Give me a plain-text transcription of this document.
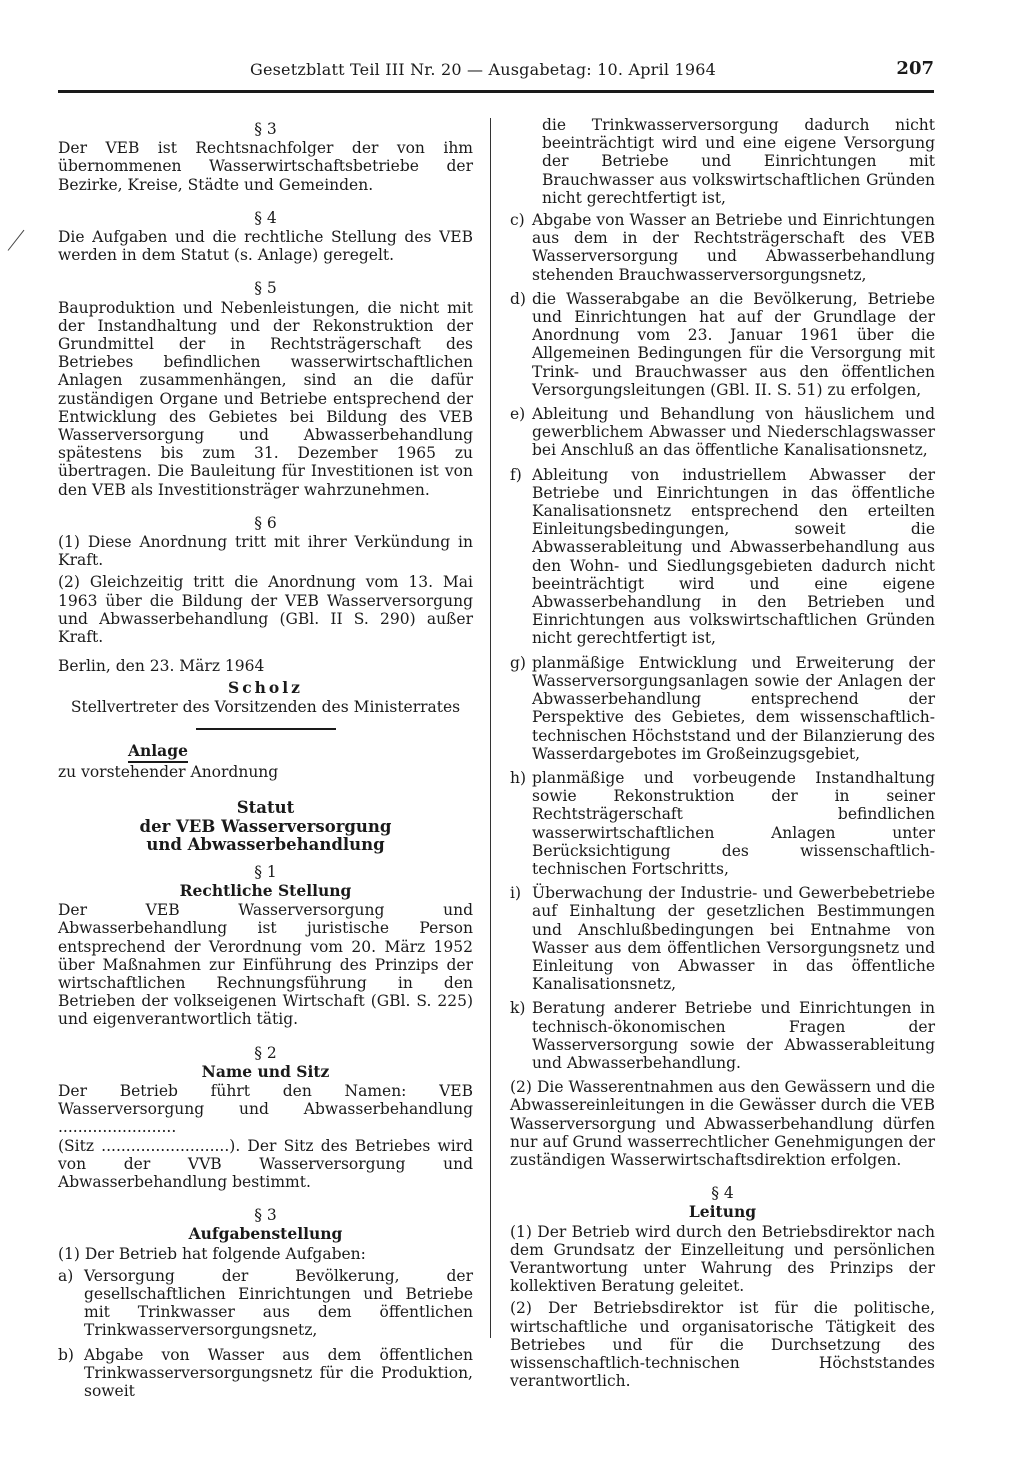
Gesetzblatt Teil III Nr. 20 — Ausgabetag: 10. April 1964	207
§ 3

Der VEB ist Rechtsnachfolger der von ihm übernommenen Wasserwirtschaftsbetriebe der Bezirke, Kreise, Städte und Gemeinden.

§ 4

Die Aufgaben und die rechtliche Stellung des VEB werden in dem Statut (s. Anlage) geregelt.

§ 5

Bauproduktion und Nebenleistungen, die nicht mit der Instandhaltung und der Rekonstruktion der Grundmittel der in Rechtsträgerschaft des Betriebes befindlichen wasserwirtschaftlichen Anlagen zusammenhängen, sind an die dafür zuständigen Organe und Betriebe entsprechend der Entwicklung des Gebietes bei Bildung des VEB Wasserversorgung und Abwasserbehandlung spätestens bis zum 31. Dezember 1965 zu übertragen. Die Bauleitung für Investitionen ist von den VEB als Investitionsträger wahrzunehmen.

§ 6

(1) Diese Anordnung tritt mit ihrer Verkündung in Kraft.

(2) Gleichzeitig tritt die Anordnung vom 13. Mai 1963 über die Bildung der VEB Wasserversorgung und Abwasserbehandlung (GBl. II S. 290) außer Kraft.

Berlin, den 23. März 1964

Scholz
Stellvertreter des Vorsitzenden des Ministerrates
Anlage

zu vorstehender Anordnung

Statut
der VEB Wasserversorgung
und Abwasserbehandlung
§ 1
Rechtliche Stellung

Der VEB Wasserversorgung und Abwasserbehandlung ist juristische Person entsprechend der Verordnung vom 20. März 1952 über Maßnahmen zur Einführung des Prinzips der wirtschaftlichen Rechnungsführung in den Betrieben der volkseigenen Wirtschaft (GBl. S. 225) und eigenverantwortlich tätig.

§ 2
Name und Sitz

Der Betrieb führt den Namen: VEB Wasserversorgung und Abwasserbehandlung ........................

(Sitz ..........................). Der Sitz des Betriebes wird von der VVB Wasserversorgung und Abwasserbehandlung bestimmt.

§ 3
Aufgabenstellung

(1) Der Betrieb hat folgende Aufgaben:

a) Versorgung der Bevölkerung, der gesellschaftlichen Einrichtungen und Betriebe mit Trinkwasser aus dem öffentlichen Trinkwasserversorgungsnetz,
b) Abgabe von Wasser aus dem öffentlichen Trinkwasserversorgungsnetz für die Produktion, soweit

die Trinkwasserversorgung dadurch nicht beeinträchtigt wird und eine eigene Versorgung der Betriebe und Einrichtungen mit Brauchwasser aus volkswirtschaftlichen Gründen nicht gerechtfertigt ist,

c) Abgabe von Wasser an Betriebe und Einrichtungen aus dem in der Rechtsträgerschaft des VEB Wasserversorgung und Abwasserbehandlung stehenden Brauchwasserversorgungsnetz,
d) die Wasserabgabe an die Bevölkerung, Betriebe und Einrichtungen hat auf der Grundlage der Anordnung vom 23. Januar 1961 über die Allgemeinen Bedingungen für die Versorgung mit Trink- und Brauchwasser aus den öffentlichen Versorgungsleitungen (GBl. II. S. 51) zu erfolgen,
e) Ableitung und Behandlung von häuslichem und gewerblichem Abwasser und Niederschlagswasser bei Anschluß an das öffentliche Kanalisationsnetz,
f) Ableitung von industriellem Abwasser der Betriebe und Einrichtungen in das öffentliche Kanalisationsnetz entsprechend den erteilten Einleitungsbedingungen, soweit die Abwasserableitung und Abwasserbehandlung aus den Wohn- und Siedlungsgebieten dadurch nicht beeinträchtigt wird und eine eigene Abwasserbehandlung in den Betrieben und Einrichtungen aus volkswirtschaftlichen Gründen nicht gerechtfertigt ist,
g) planmäßige Entwicklung und Erweiterung der Wasserversorgungsanlagen sowie der Anlagen der Abwasserbehandlung entsprechend der Perspektive des Gebietes, dem wissenschaftlich-technischen Höchststand und der Bilanzierung des Wasserdargebotes im Großeinzugsgebiet,
h) planmäßige und vorbeugende Instandhaltung sowie Rekonstruktion der in seiner Rechtsträgerschaft befindlichen wasserwirtschaftlichen Anlagen unter Berücksichtigung des wissenschaftlich-technischen Fortschritts,
i) Überwachung der Industrie- und Gewerbebetriebe auf Einhaltung der gesetzlichen Bestimmungen und Anschlußbedingungen bei Entnahme von Wasser aus dem öffentlichen Versorgungsnetz und Einleitung von Abwasser in das öffentliche Kanalisationsnetz,
k) Beratung anderer Betriebe und Einrichtungen in technisch-ökonomischen Fragen der Wasserversorgung sowie der Abwasserableitung und Abwasserbehandlung.

(2) Die Wasserentnahmen aus den Gewässern und die Abwassereinleitungen in die Gewässer durch die VEB Wasserversorgung und Abwasserbehandlung dürfen nur auf Grund wasserrechtlicher Genehmigungen der zuständigen Wasserwirtschaftsdirektion erfolgen.

§ 4
Leitung

(1) Der Betrieb wird durch den Betriebsdirektor nach dem Grundsatz der Einzelleitung und persönlichen Verantwortung unter Wahrung des Prinzips der kollektiven Beratung geleitet.

(2) Der Betriebsdirektor ist für die politische, wirtschaftliche und organisatorische Tätigkeit des Betriebes und für die Durchsetzung des wissenschaftlich-technischen Höchststandes verantwortlich.
